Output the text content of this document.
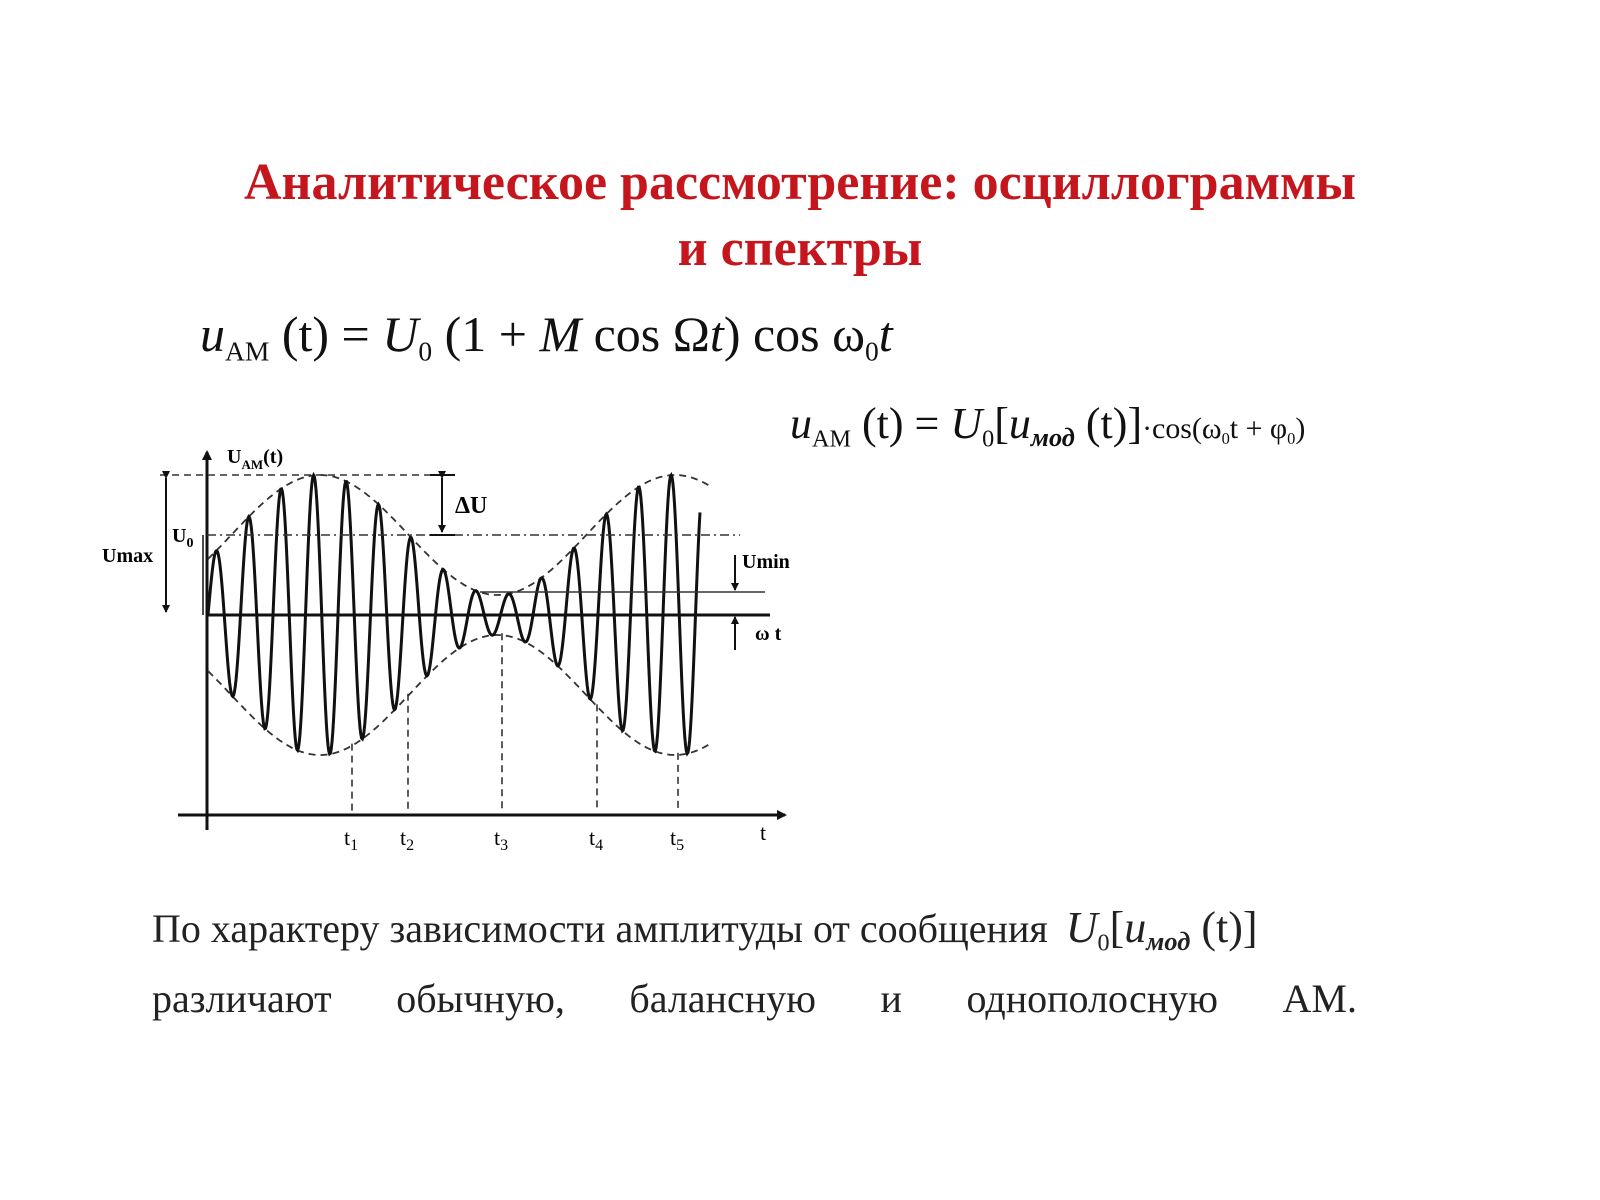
Аналитическое рассмотрение: осциллограммы
и спектры
$u_{AM}$ $(t) = U_0$ (1 + M cos Ωt) $\cos \omega_0t$
$u_{AM}$ $(t) = U_0[uмод$ $(t)]\cdot\cos(\omega_0t + \varphi_0)$
$t_1$ $t_2$	$t_3$	$t_4$	$t_5$
$U_{AM}(t)$
$U_0$
Umax
ΔU
Umin
ω t
t
По характеру зависимости амплитуды от сообщения $U_0[uмод$ (t)]
различают обычную, балансную и однополосную АМ.
